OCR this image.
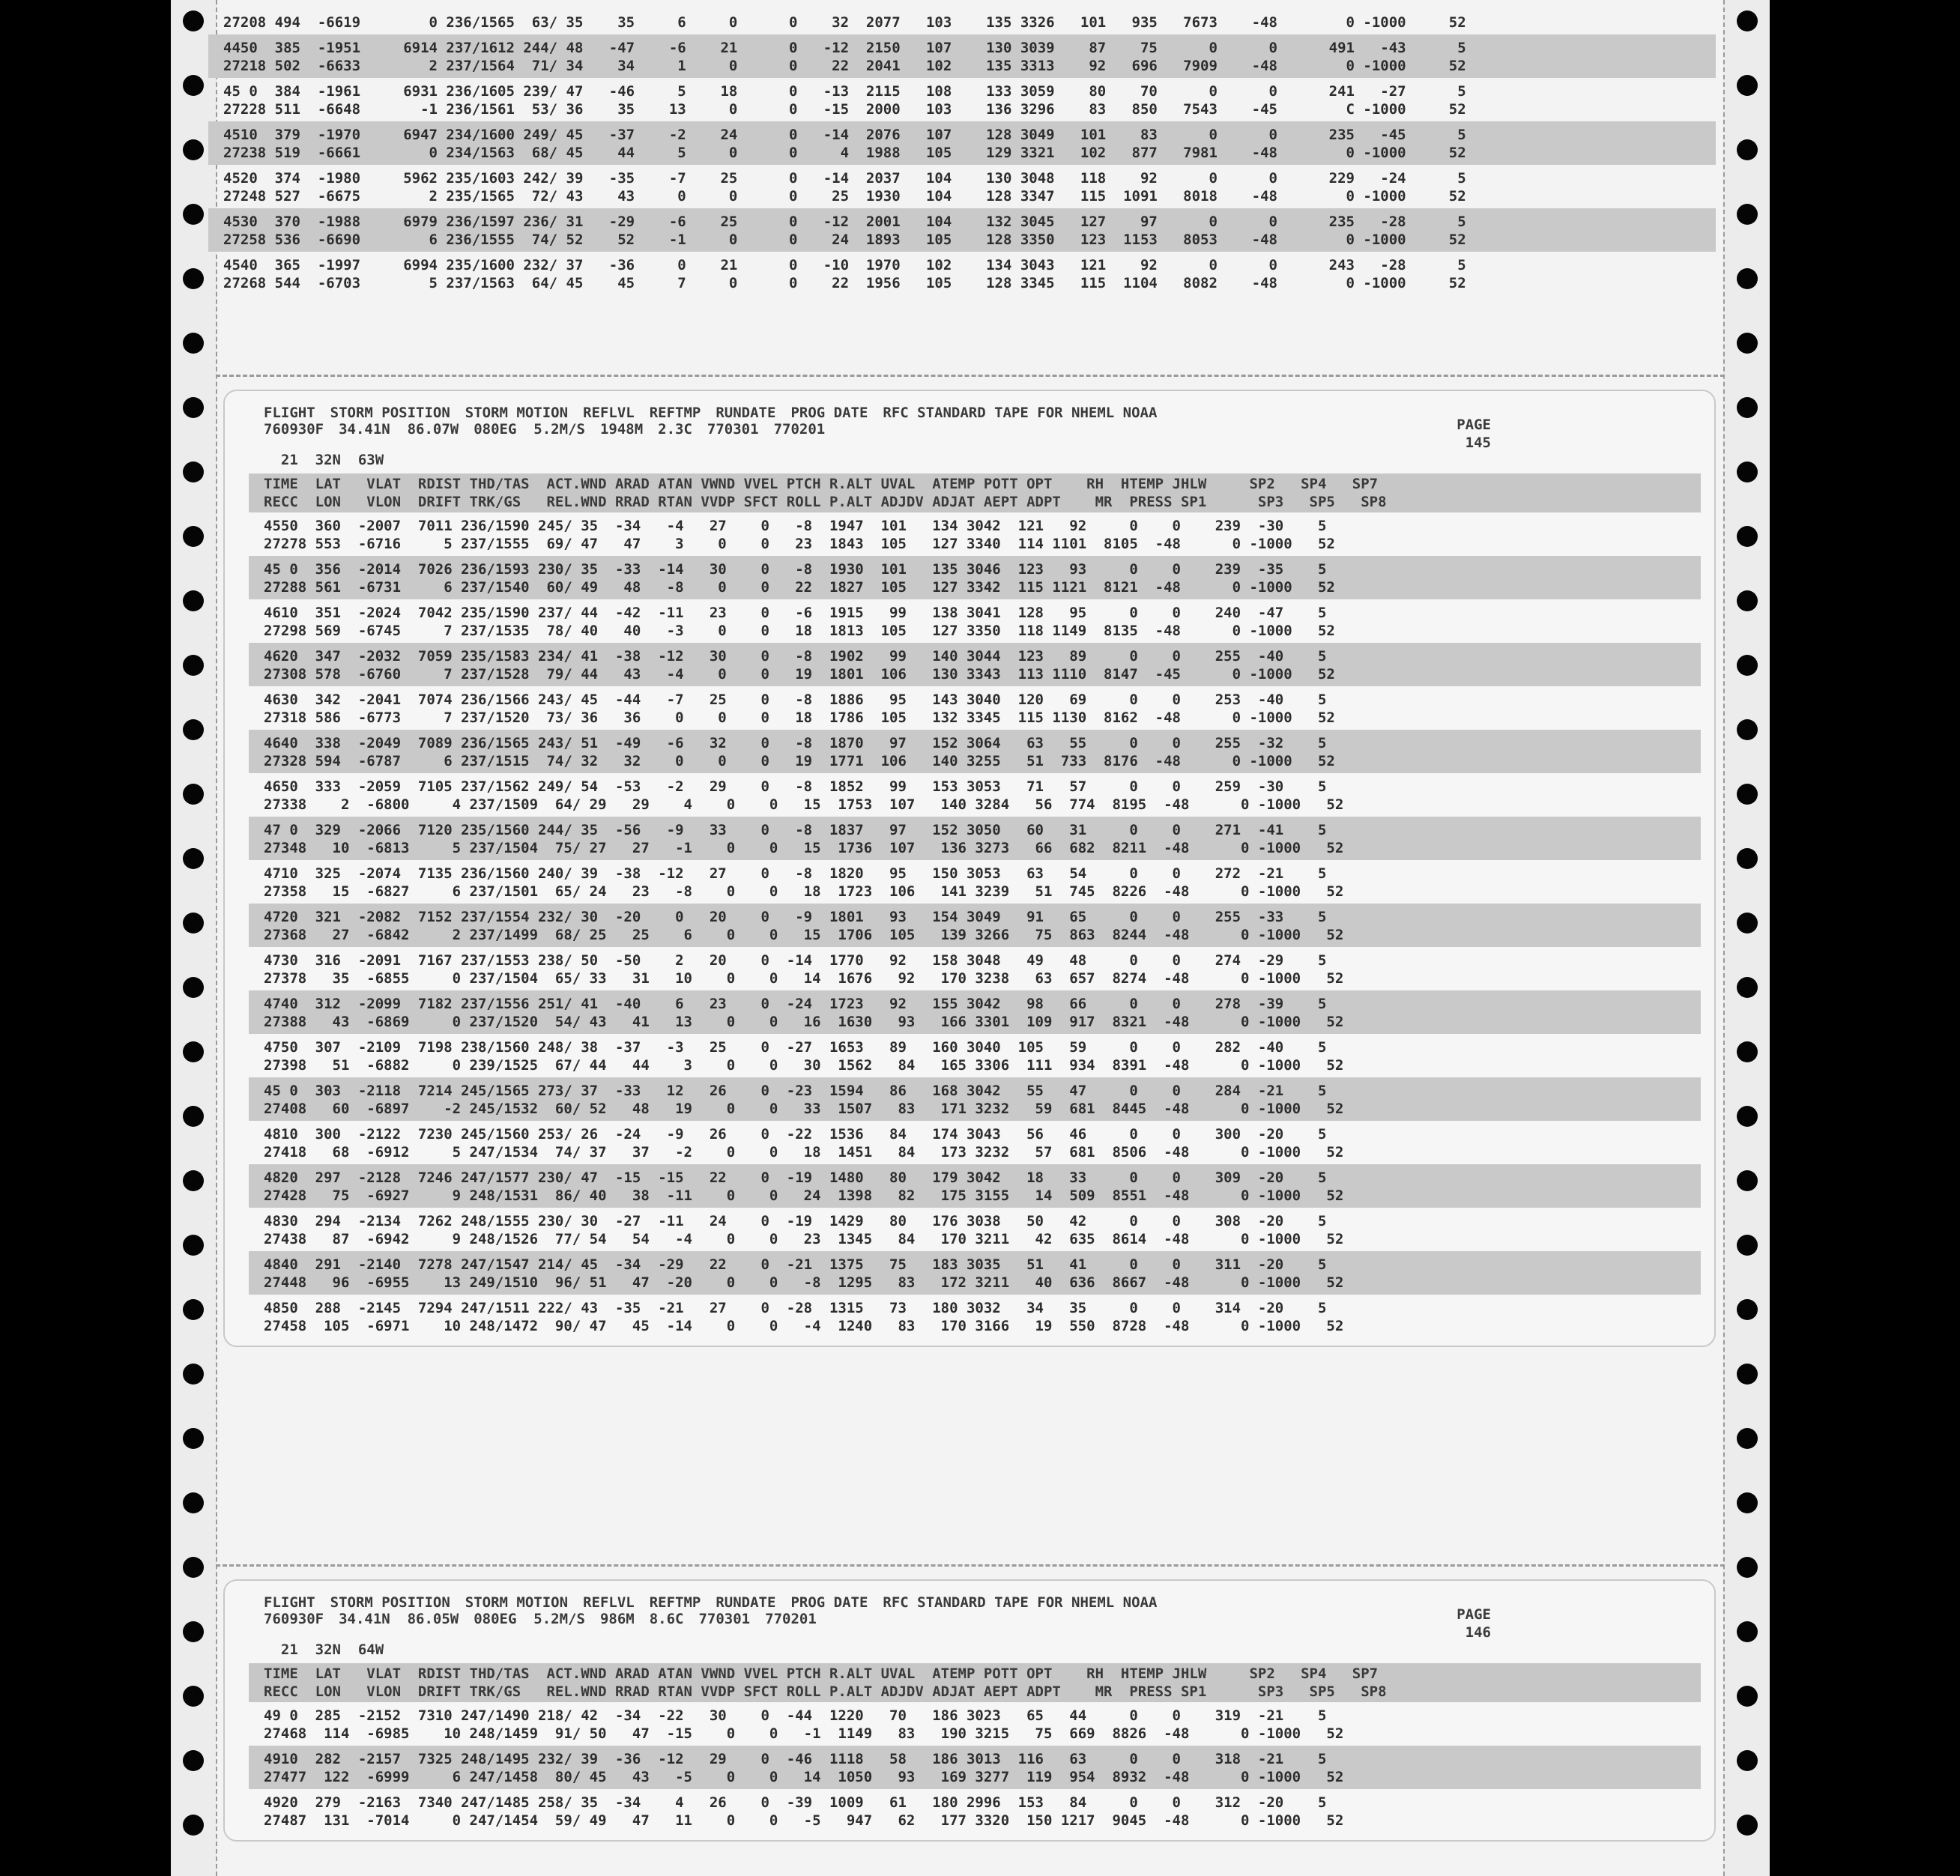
27208 494  -6619        0 236/1565  63/ 35    35     6     0      0    32  2077   103    135 3326   101   935   7673    -48        0 -1000     52
4450  385  -1951     6914 237/1612 244/ 48   -47    -6    21      0   -12  2150   107    130 3039    87    75      0      0      491   -43      5
27218 502  -6633        2 237/1564  71/ 34    34     1     0      0    22  2041   102    135 3313    92   696   7909    -48        0 -1000     52
45 0  384  -1961     6931 236/1605 239/ 47   -46     5    18      0   -13  2115   108    133 3059    80    70      0      0      241   -27      5
27228 511  -6648       -1 236/1561  53/ 36    35    13     0      0   -15  2000   103    136 3296    83   850   7543    -45        C -1000     52
4510  379  -1970     6947 234/1600 249/ 45   -37    -2    24      0   -14  2076   107    128 3049   101    83      0      0      235   -45      5
27238 519  -6661        0 234/1563  68/ 45    44     5     0      0     4  1988   105    129 3321   102   877   7981    -48        0 -1000     52
4520  374  -1980     5962 235/1603 242/ 39   -35    -7    25      0   -14  2037   104    130 3048   118    92      0      0      229   -24      5
27248 527  -6675        2 235/1565  72/ 43    43     0     0      0    25  1930   104    128 3347   115  1091   8018    -48        0 -1000     52
4530  370  -1988     6979 236/1597 236/ 31   -29    -6    25      0   -12  2001   104    132 3045   127    97      0      0      235   -28      5
27258 536  -6690        6 236/1555  74/ 52    52    -1     0      0    24  1893   105    128 3350   123  1153   8053    -48        0 -1000     52
4540  365  -1997     6994 235/1600 232/ 37   -36     0    21      0   -10  1970   102    134 3043   121    92      0      0      243   -28      5
27268 544  -6703        5 237/1563  64/ 45    45     7     0      0    22  1956   105    128 3345   115  1104   8082    -48        0 -1000     52
FLIGHT STORM POSITION STORM MOTION REFLVL REFTMP RUNDATE PROG DATE RFC STANDARD TAPE FOR NHEML NOAA
PAGE
760930F 34.41N  86.07W 080EG  5.2M/S 1948M 2.3C 770301 770201
145
21  32N  63W
TIME  LAT   VLAT  RDIST THD/TAS  ACT.WND ARAD ATAN VWND VVEL PTCH R.ALT UVAL  ATEMP POTT OPT    RH  HTEMP JHLW     SP2   SP4   SP7
RECC  LON   VLON  DRIFT TRK/GS   REL.WND RRAD RTAN VVDP SFCT ROLL P.ALT ADJDV ADJAT AEPT ADPT    MR  PRESS SP1      SP3   SP5   SP8
4550  360  -2007  7011 236/1590 245/ 35  -34   -4   27    0   -8  1947  101   134 3042  121   92     0    0    239  -30    5
27278 553  -6716     5 237/1555  69/ 47   47    3    0    0   23  1843  105   127 3340  114 1101  8105  -48      0 -1000   52
45 0  356  -2014  7026 236/1593 230/ 35  -33  -14   30    0   -8  1930  101   135 3046  123   93     0    0    239  -35    5
27288 561  -6731     6 237/1540  60/ 49   48   -8    0    0   22  1827  105   127 3342  115 1121  8121  -48      0 -1000   52
4610  351  -2024  7042 235/1590 237/ 44  -42  -11   23    0   -6  1915   99   138 3041  128   95     0    0    240  -47    5
27298 569  -6745     7 237/1535  78/ 40   40   -3    0    0   18  1813  105   127 3350  118 1149  8135  -48      0 -1000   52
4620  347  -2032  7059 235/1583 234/ 41  -38  -12   30    0   -8  1902   99   140 3044  123   89     0    0    255  -40    5
27308 578  -6760     7 237/1528  79/ 44   43   -4    0    0   19  1801  106   130 3343  113 1110  8147  -45      0 -1000   52
4630  342  -2041  7074 236/1566 243/ 45  -44   -7   25    0   -8  1886   95   143 3040  120   69     0    0    253  -40    5
27318 586  -6773     7 237/1520  73/ 36   36    0    0    0   18  1786  105   132 3345  115 1130  8162  -48      0 -1000   52
4640  338  -2049  7089 236/1565 243/ 51  -49   -6   32    0   -8  1870   97   152 3064   63   55     0    0    255  -32    5
27328 594  -6787     6 237/1515  74/ 32   32    0    0    0   19  1771  106   140 3255   51  733  8176  -48      0 -1000   52
4650  333  -2059  7105 237/1562 249/ 54  -53   -2   29    0   -8  1852   99   153 3053   71   57     0    0    259  -30    5
27338    2  -6800     4 237/1509  64/ 29   29    4    0    0   15  1753  107   140 3284   56  774  8195  -48      0 -1000   52
47 0  329  -2066  7120 235/1560 244/ 35  -56   -9   33    0   -8  1837   97   152 3050   60   31     0    0    271  -41    5
27348   10  -6813     5 237/1504  75/ 27   27   -1    0    0   15  1736  107   136 3273   66  682  8211  -48      0 -1000   52
4710  325  -2074  7135 236/1560 240/ 39  -38  -12   27    0   -8  1820   95   150 3053   63   54     0    0    272  -21    5
27358   15  -6827     6 237/1501  65/ 24   23   -8    0    0   18  1723  106   141 3239   51  745  8226  -48      0 -1000   52
4720  321  -2082  7152 237/1554 232/ 30  -20    0   20    0   -9  1801   93   154 3049   91   65     0    0    255  -33    5
27368   27  -6842     2 237/1499  68/ 25   25    6    0    0   15  1706  105   139 3266   75  863  8244  -48      0 -1000   52
4730  316  -2091  7167 237/1553 238/ 50  -50    2   20    0  -14  1770   92   158 3048   49   48     0    0    274  -29    5
27378   35  -6855     0 237/1504  65/ 33   31   10    0    0   14  1676   92   170 3238   63  657  8274  -48      0 -1000   52
4740  312  -2099  7182 237/1556 251/ 41  -40    6   23    0  -24  1723   92   155 3042   98   66     0    0    278  -39    5
27388   43  -6869     0 237/1520  54/ 43   41   13    0    0   16  1630   93   166 3301  109  917  8321  -48      0 -1000   52
4750  307  -2109  7198 238/1560 248/ 38  -37   -3   25    0  -27  1653   89   160 3040  105   59     0    0    282  -40    5
27398   51  -6882     0 239/1525  67/ 44   44    3    0    0   30  1562   84   165 3306  111  934  8391  -48      0 -1000   52
45 0  303  -2118  7214 245/1565 273/ 37  -33   12   26    0  -23  1594   86   168 3042   55   47     0    0    284  -21    5
27408   60  -6897    -2 245/1532  60/ 52   48   19    0    0   33  1507   83   171 3232   59  681  8445  -48      0 -1000   52
4810  300  -2122  7230 245/1560 253/ 26  -24   -9   26    0  -22  1536   84   174 3043   56   46     0    0    300  -20    5
27418   68  -6912     5 247/1534  74/ 37   37   -2    0    0   18  1451   84   173 3232   57  681  8506  -48      0 -1000   52
4820  297  -2128  7246 247/1577 230/ 47  -15  -15   22    0  -19  1480   80   179 3042   18   33     0    0    309  -20    5
27428   75  -6927     9 248/1531  86/ 40   38  -11    0    0   24  1398   82   175 3155   14  509  8551  -48      0 -1000   52
4830  294  -2134  7262 248/1555 230/ 30  -27  -11   24    0  -19  1429   80   176 3038   50   42     0    0    308  -20    5
27438   87  -6942     9 248/1526  77/ 54   54   -4    0    0   23  1345   84   170 3211   42  635  8614  -48      0 -1000   52
4840  291  -2140  7278 247/1547 214/ 45  -34  -29   22    0  -21  1375   75   183 3035   51   41     0    0    311  -20    5
27448   96  -6955    13 249/1510  96/ 51   47  -20    0    0   -8  1295   83   172 3211   40  636  8667  -48      0 -1000   52
4850  288  -2145  7294 247/1511 222/ 43  -35  -21   27    0  -28  1315   73   180 3032   34   35     0    0    314  -20    5
27458  105  -6971    10 248/1472  90/ 47   45  -14    0    0   -4  1240   83   170 3166   19  550  8728  -48      0 -1000   52
FLIGHT STORM POSITION STORM MOTION REFLVL REFTMP RUNDATE PROG DATE RFC STANDARD TAPE FOR NHEML NOAA
PAGE
760930F 34.41N  86.05W 080EG  5.2M/S 986M 8.6C 770301 770201
146
21  32N  64W
TIME  LAT   VLAT  RDIST THD/TAS  ACT.WND ARAD ATAN VWND VVEL PTCH R.ALT UVAL  ATEMP POTT OPT    RH  HTEMP JHLW     SP2   SP4   SP7
RECC  LON   VLON  DRIFT TRK/GS   REL.WND RRAD RTAN VVDP SFCT ROLL P.ALT ADJDV ADJAT AEPT ADPT    MR  PRESS SP1      SP3   SP5   SP8
49 0  285  -2152  7310 247/1490 218/ 42  -34  -22   30    0  -44  1220   70   186 3023   65   44     0    0    319  -21    5
27468  114  -6985    10 248/1459  91/ 50   47  -15    0    0   -1  1149   83   190 3215   75  669  8826  -48      0 -1000   52
4910  282  -2157  7325 248/1495 232/ 39  -36  -12   29    0  -46  1118   58   186 3013  116   63     0    0    318  -21    5
27477  122  -6999     6 247/1458  80/ 45   43   -5    0    0   14  1050   93   169 3277  119  954  8932  -48      0 -1000   52
4920  279  -2163  7340 247/1485 258/ 35  -34    4   26    0  -39  1009   61   180 2996  153   84     0    0    312  -20    5
27487  131  -7014     0 247/1454  59/ 49   47   11    0    0   -5   947   62   177 3320  150 1217  9045  -48      0 -1000   52
